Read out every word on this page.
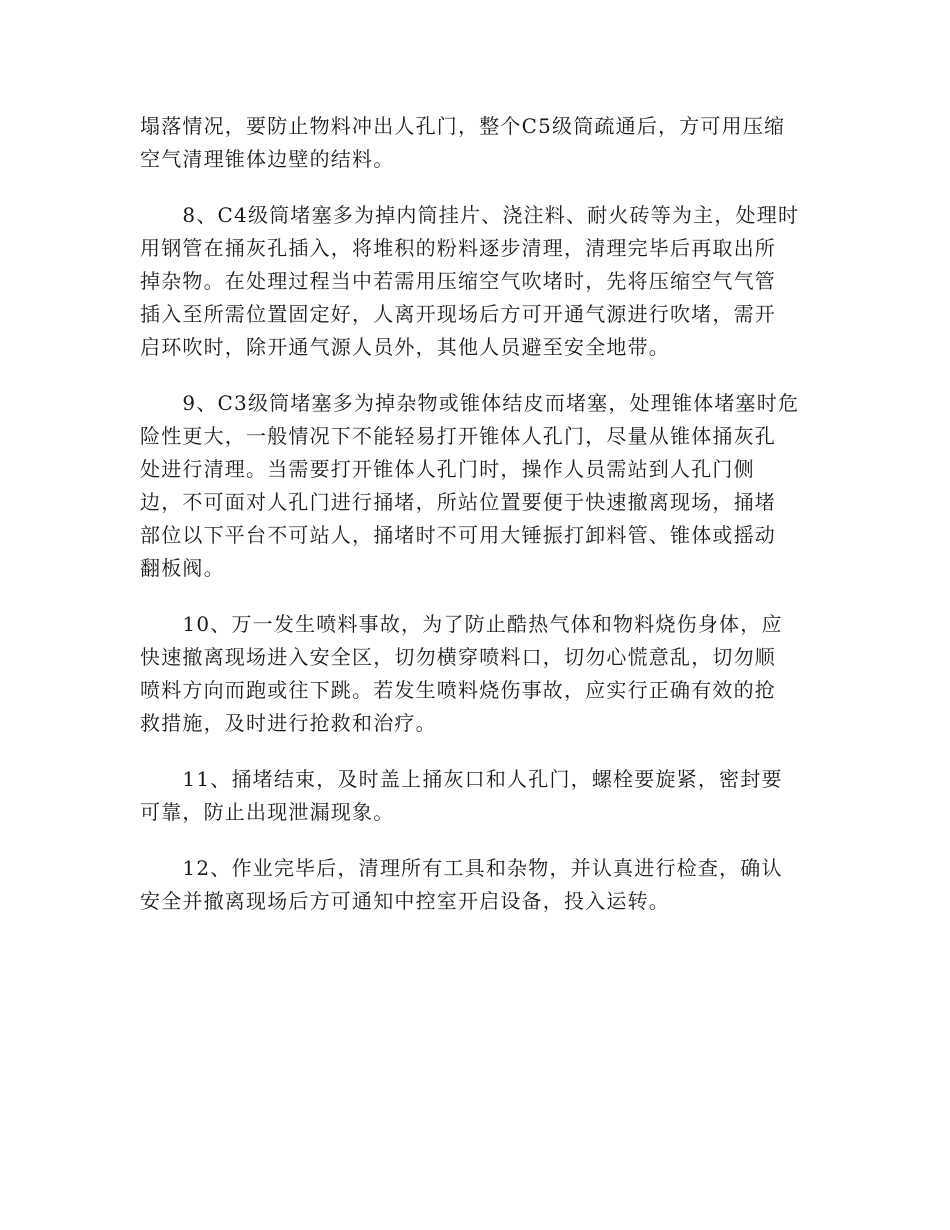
塌落情况，要防止物料冲出人孔门，整个C5级筒疏通后，方可用压缩
空气清理锥体边壁的结料。

　　8、C4级筒堵塞多为掉内筒挂片、浇注料、耐火砖等为主，处理时
用钢管在捅灰孔插入，将堆积的粉料逐步清理，清理完毕后再取出所
掉杂物。在处理过程当中若需用压缩空气吹堵时，先将压缩空气气管
插入至所需位置固定好，人离开现场后方可开通气源进行吹堵，需开
启环吹时，除开通气源人员外，其他人员避至安全地带。

　　9、C3级筒堵塞多为掉杂物或锥体结皮而堵塞，处理锥体堵塞时危
险性更大，一般情况下不能轻易打开锥体人孔门，尽量从锥体捅灰孔
处进行清理。当需要打开锥体人孔门时，操作人员需站到人孔门侧
边，不可面对人孔门进行捅堵，所站位置要便于快速撤离现场，捅堵
部位以下平台不可站人，捅堵时不可用大锤振打卸料管、锥体或摇动
翻板阀。

　　10、万一发生喷料事故，为了防止酷热气体和物料烧伤身体，应
快速撤离现场进入安全区，切勿横穿喷料口，切勿心慌意乱，切勿顺
喷料方向而跑或往下跳。若发生喷料烧伤事故，应实行正确有效的抢
救措施，及时进行抢救和治疗。

　　11、捅堵结束，及时盖上捅灰口和人孔门，螺栓要旋紧，密封要
可靠，防止出现泄漏现象。

　　12、作业完毕后，清理所有工具和杂物，并认真进行检查，确认
安全并撤离现场后方可通知中控室开启设备，投入运转。
